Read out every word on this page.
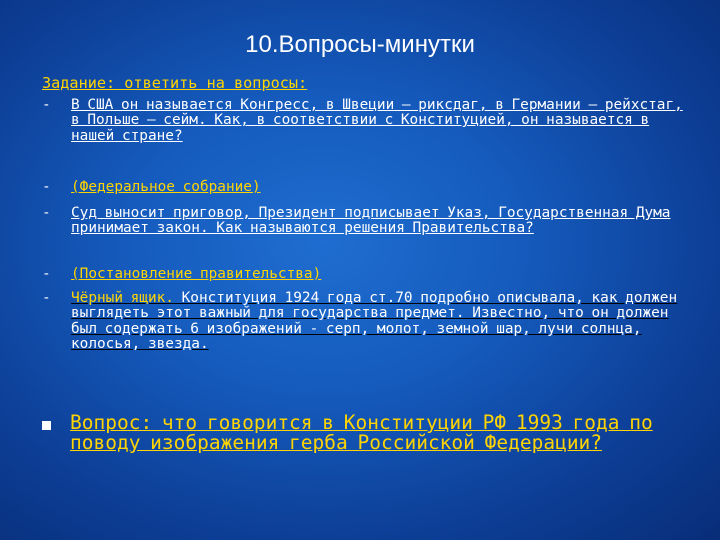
10.Вопросы-минутки
Задание: ответить на вопросы:
- В США он называется Конгресс, в Швеции – риксдаг, в Германии – рейхстаг, в Польше – сейм. Как, в соответствии с Конституцией, он называется в нашей стране?
- (Федеральное собрание)
- Суд выносит приговор, Президент подписывает Указ, Государственная Дума принимает закон. Как называются решения Правительства?
- (Постановление правительства)
- Чёрный ящик. Конституция 1924 года ст.70 подробно описывала, как должен выглядеть этот важный для государства предмет. Известно, что он должен был содержать 6 изображений - серп, молот, земной шар, лучи солнца, колосья, звезда.
Вопрос: что говорится в Конституции РФ 1993 года по поводу изображения герба Российской Федерации?
